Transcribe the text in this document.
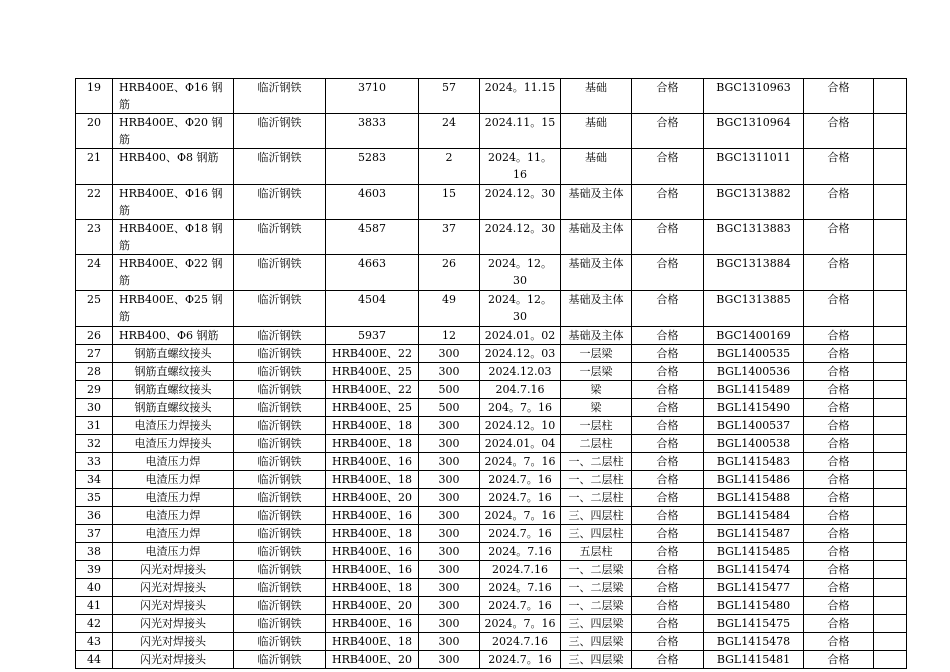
19	HRB400E、Φ16 钢筋	临沂钢铁	3710	57	2024。11.15	基础	合格	BGC1310963	合格	
20	HRB400E、Φ20 钢筋	临沂钢铁	3833	24	2024.11。15	基础	合格	BGC1310964	合格	
21	HRB400、Φ8 钢筋	临沂钢铁	5283	2	2024。11。16	基础	合格	BGC1311011	合格	
22	HRB400E、Φ16 钢筋	临沂钢铁	4603	15	2024.12。30	基础及主体	合格	BGC1313882	合格	
23	HRB400E、Φ18 钢筋	临沂钢铁	4587	37	2024.12。30	基础及主体	合格	BGC1313883	合格	
24	HRB400E、Φ22 钢筋	临沂钢铁	4663	26	2024。12。30	基础及主体	合格	BGC1313884	合格	
25	HRB400E、Φ25 钢筋	临沂钢铁	4504	49	2024。12。30	基础及主体	合格	BGC1313885	合格	
26	HRB400、Φ6 钢筋	临沂钢铁	5937	12	2024.01。02	基础及主体	合格	BGC1400169	合格	
27	钢筋直螺纹接头	临沂钢铁	HRB400E、22	300	2024.12。03	一层梁	合格	BGL1400535	合格	
28	钢筋直螺纹接头	临沂钢铁	HRB400E、25	300	2024.12.03	一层梁	合格	BGL1400536	合格	
29	钢筋直螺纹接头	临沂钢铁	HRB400E、22	500	204.7.16	梁	合格	BGL1415489	合格	
30	钢筋直螺纹接头	临沂钢铁	HRB400E、25	500	204。7。16	梁	合格	BGL1415490	合格	
31	电渣压力焊接头	临沂钢铁	HRB400E、18	300	2024.12。10	一层柱	合格	BGL1400537	合格	
32	电渣压力焊接头	临沂钢铁	HRB400E、18	300	2024.01。04	二层柱	合格	BGL1400538	合格	
33	电渣压力焊	临沂钢铁	HRB400E、16	300	2024。7。16	一、二层柱	合格	BGL1415483	合格	
34	电渣压力焊	临沂钢铁	HRB400E、18	300	2024.7。16	一、二层柱	合格	BGL1415486	合格	
35	电渣压力焊	临沂钢铁	HRB400E、20	300	2024.7。16	一、二层柱	合格	BGL1415488	合格	
36	电渣压力焊	临沂钢铁	HRB400E、16	300	2024。7。16	三、四层柱	合格	BGL1415484	合格	
37	电渣压力焊	临沂钢铁	HRB400E、18	300	2024.7。16	三、四层柱	合格	BGL1415487	合格	
38	电渣压力焊	临沂钢铁	HRB400E、16	300	2024。7.16	五层柱	合格	BGL1415485	合格	
39	闪光对焊接头	临沂钢铁	HRB400E、16	300	2024.7.16	一、二层梁	合格	BGL1415474	合格	
40	闪光对焊接头	临沂钢铁	HRB400E、18	300	2024。7.16	一、二层梁	合格	BGL1415477	合格	
41	闪光对焊接头	临沂钢铁	HRB400E、20	300	2024.7。16	一、二层梁	合格	BGL1415480	合格	
42	闪光对焊接头	临沂钢铁	HRB400E、16	300	2024。7。16	三、四层梁	合格	BGL1415475	合格	
43	闪光对焊接头	临沂钢铁	HRB400E、18	300	2024.7.16	三、四层梁	合格	BGL1415478	合格	
44	闪光对焊接头	临沂钢铁	HRB400E、20	300	2024.7。16	三、四层梁	合格	BGL1415481	合格	
